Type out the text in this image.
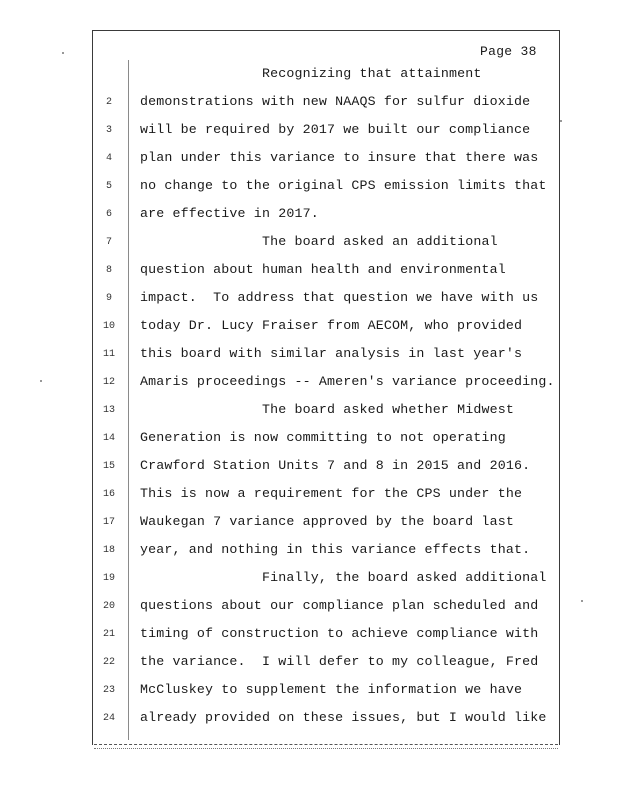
Page 38
Recognizing that attainment
2	demonstrations with new NAAQS for sulfur dioxide
3	will be required by 2017 we built our compliance
4	plan under this variance to insure that there was
5	no change to the original CPS emission limits that
6	are effective in 2017.
7	The board asked an additional
8	question about human health and environmental
9	impact.  To address that question we have with us
10	today Dr. Lucy Fraiser from AECOM, who provided
11	this board with similar analysis in last year's
12	Amaris proceedings -- Ameren's variance proceeding.
13	The board asked whether Midwest
14	Generation is now committing to not operating
15	Crawford Station Units 7 and 8 in 2015 and 2016.
16	This is now a requirement for the CPS under the
17	Waukegan 7 variance approved by the board last
18	year, and nothing in this variance effects that.
19	Finally, the board asked additional
20	questions about our compliance plan scheduled and
21	timing of construction to achieve compliance with
22	the variance.  I will defer to my colleague, Fred
23	McCluskey to supplement the information we have
24	already provided on these issues, but I would like
